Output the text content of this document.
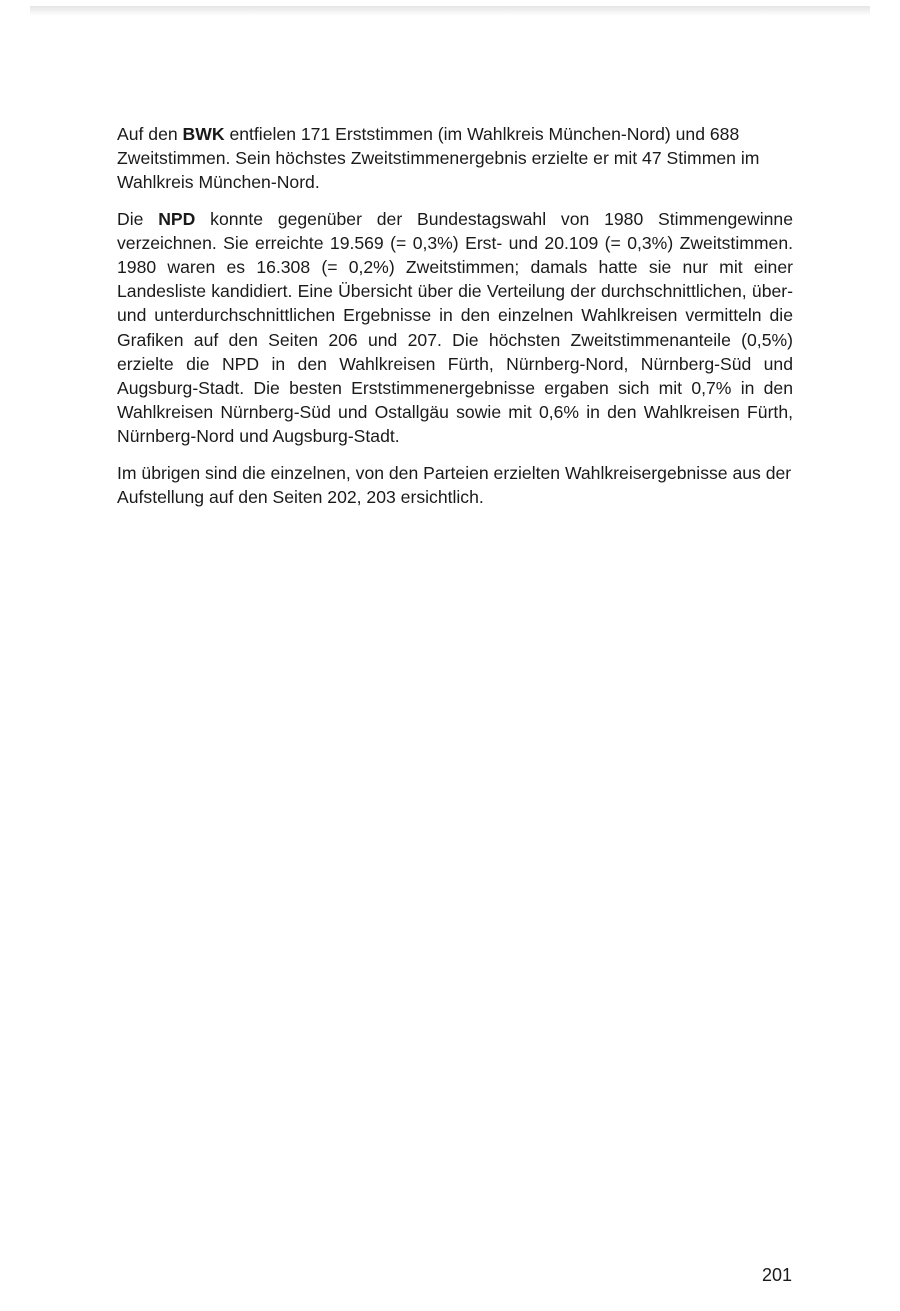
Auf den BWK entfielen 171 Erststimmen (im Wahlkreis München-Nord) und 688 Zweitstimmen. Sein höchstes Zweitstimmenergebnis erzielte er mit 47 Stimmen im Wahlkreis München-Nord.

Die NPD konnte gegenüber der Bundestagswahl von 1980 Stimmengewinne verzeichnen. Sie erreichte 19.569 (= 0,3%) Erst- und 20.109 (= 0,3%) Zweitstimmen. 1980 waren es 16.308 (= 0,2%) Zweitstimmen; damals hatte sie nur mit einer Landesliste kandidiert. Eine Übersicht über die Verteilung der durchschnittlichen, über- und unterdurchschnittlichen Ergebnisse in den einzelnen Wahlkreisen vermitteln die Grafiken auf den Seiten 206 und 207. Die höchsten Zweitstimmenanteile (0,5%) erzielte die NPD in den Wahlkreisen Fürth, Nürnberg-Nord, Nürnberg-Süd und Augsburg-Stadt. Die besten Erststimmenergebnisse ergaben sich mit 0,7% in den Wahlkreisen Nürnberg-Süd und Ostallgäu sowie mit 0,6% in den Wahlkreisen Fürth, Nürnberg-Nord und Augsburg-Stadt.

Im übrigen sind die einzelnen, von den Parteien erzielten Wahlkreisergebnisse aus der Aufstellung auf den Seiten 202, 203 ersichtlich.

201
